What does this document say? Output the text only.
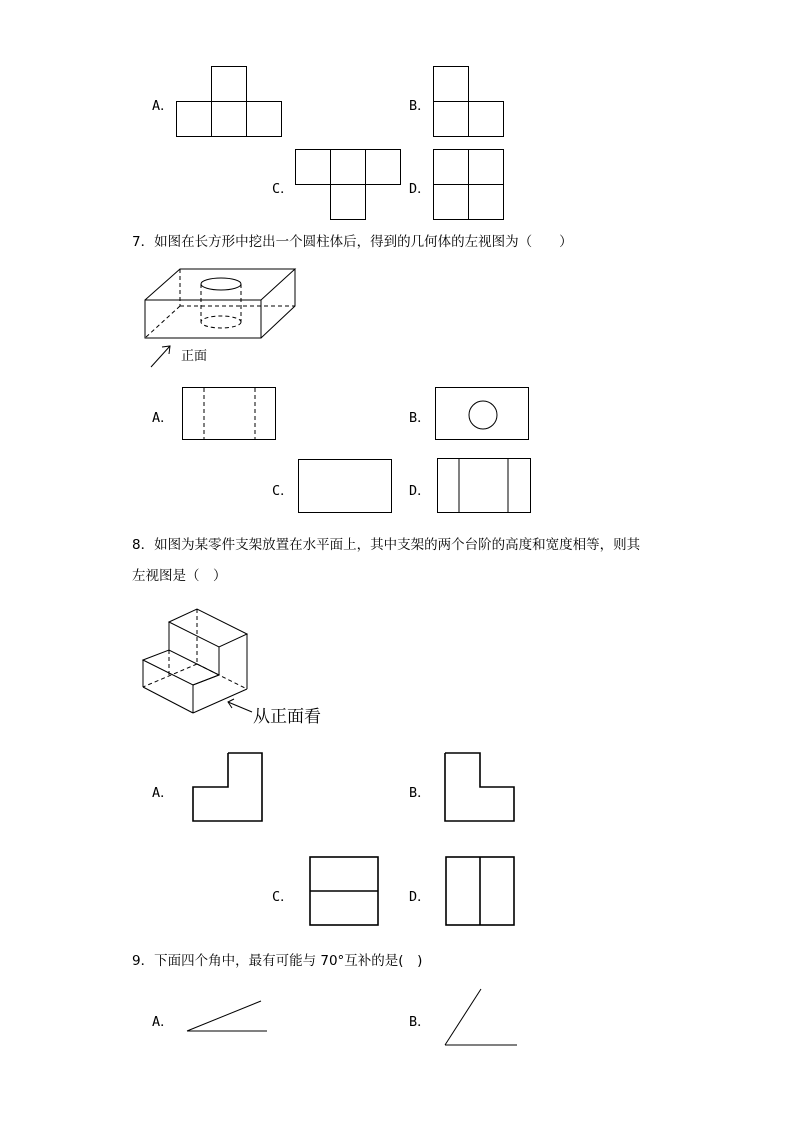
A．	B．
C．	D．
7．如图在长方形中挖出一个圆柱体后，得到的几何体的左视图为（　　）
正面
A．	B．
C．	D．
8．如图为某零件支架放置在水平面上，其中支架的两个台阶的高度和宽度相等，则其
左视图是（　）
从正面看
A．	B．
C．	D．
9．下面四个角中，最有可能与 70°互补的是(　)
A．	B．
